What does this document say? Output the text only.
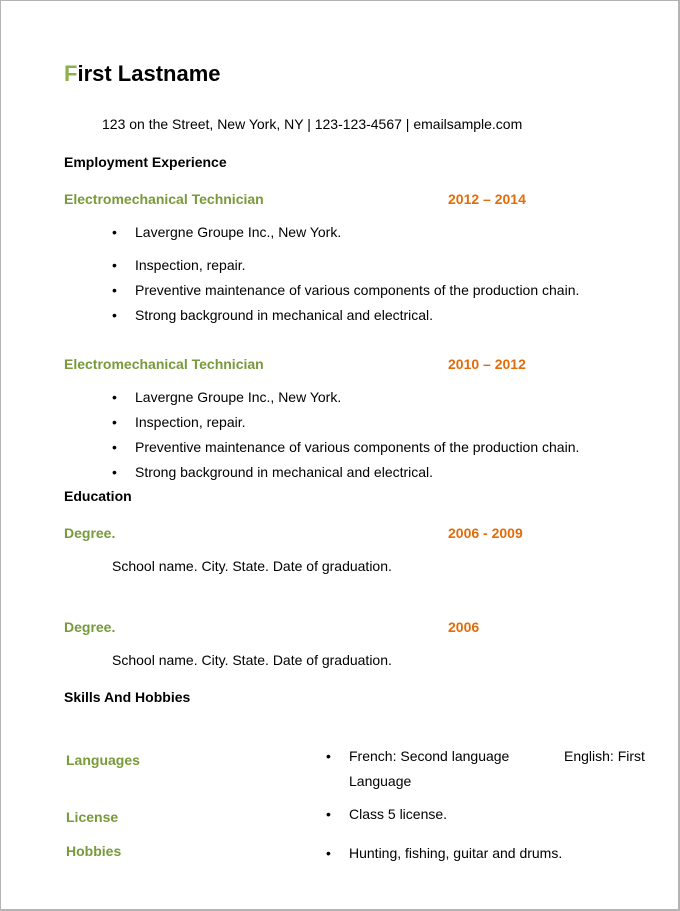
First Lastname
123 on the Street, New York, NY | 123-123-4567 | emailsample.com
Employment Experience
Electromechanical Technician	2012 – 2014
• Lavergne Groupe Inc., New York.
• Inspection, repair.
• Preventive maintenance of various components of the production chain.
• Strong background in mechanical and electrical.
Electromechanical Technician	2010 – 2012
• Lavergne Groupe Inc., New York.
• Inspection, repair.
• Preventive maintenance of various components of the production chain.
• Strong background in mechanical and electrical.
Education
Degree.	2006 - 2009
School name. City. State. Date of graduation.
Degree.	2006
School name. City. State. Date of graduation.
Skills And Hobbies
Languages	• French: Second language	English: First
Language
License	• Class 5 license.
Hobbies	• Hunting, fishing, guitar and drums.
